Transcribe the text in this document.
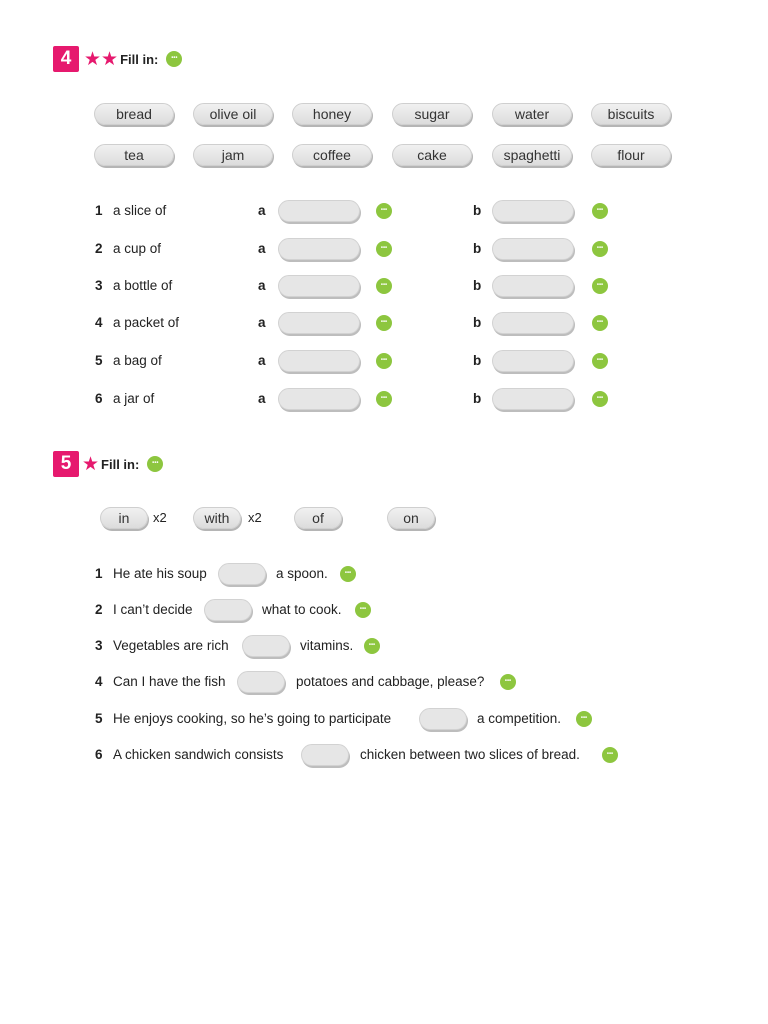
4 ★★ Fill in:
•••
bread	olive oil	honey	sugar	water	biscuits
tea	jam	coffee	cake	spaghetti	flour
1 a slice of	a •••	b
•••
2 a cup of	a •••	b
•••
3 a bottle of	a •••	b
•••
4 a packet of	a •••	b
•••
5 a bag of	a •••	b
•••
6 a jar of	a •••	b
•••
5 ★ Fill in:
•••
in	x2	with	x2	of	on
1 He ate his soup	a spoon.
•••
2 I can’t decide	what to cook.
•••
3 Vegetables are rich	vitamins.
•••
4 Can I have the fish	potatoes and cabbage, please?
•••
5 He enjoys cooking, so he’s going to participate	a competition.
•••
6 A chicken sandwich consists	chicken between two slices of bread.
•••
